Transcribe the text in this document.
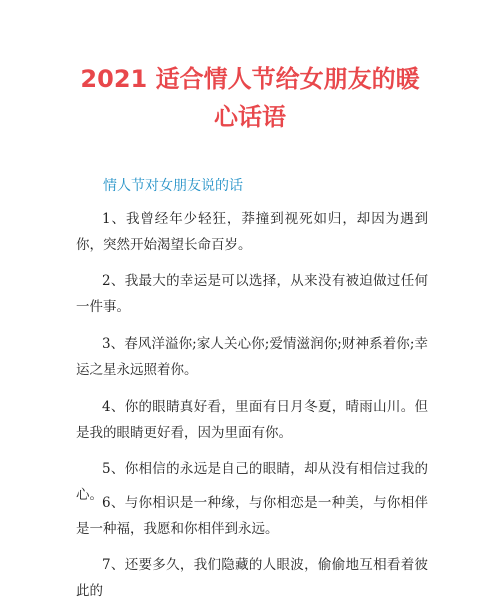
2021 适合情人节给女朋友的暖心话语
情人节对女朋友说的话

1、我曾经年少轻狂，莽撞到视死如归，却因为遇到你，突然开始渴望长命百岁。

2、我最大的幸运是可以选择，从来没有被迫做过任何一件事。

3、春风洋溢你;家人关心你;爱情滋润你;财神系着你;幸运之星永远照着你。

4、你的眼睛真好看，里面有日月冬夏，晴雨山川。但是我的眼睛更好看，因为里面有你。

5、你相信的永远是自己的眼睛，却从没有相信过我的心。 6、与你相识是一种缘，与你相恋是一种美，与你相伴是一种福，我愿和你相伴到永远。

7、还要多久，我们隐藏的人眼波，偷偷地互相看着彼此的
